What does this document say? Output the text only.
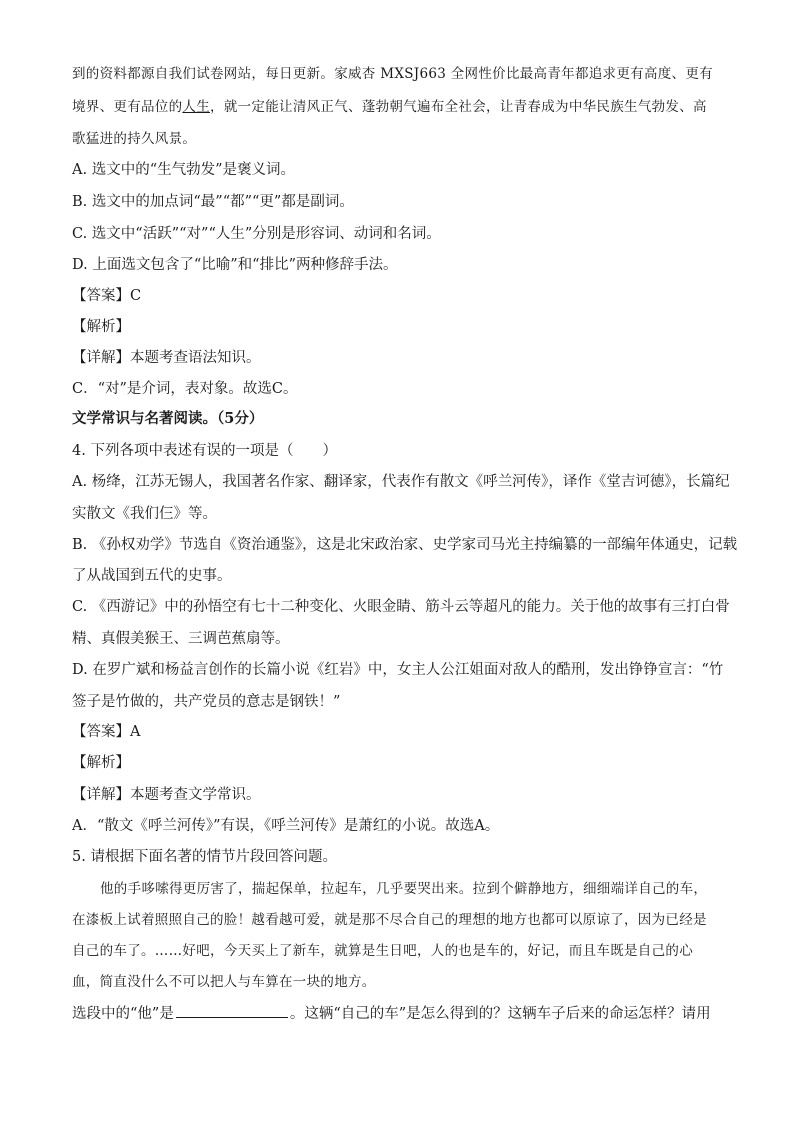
到的资料都源自我们试卷网站，每日更新。家威杏 MXSJ663 全网性价比最高青年都追求更有高度、更有
境界、更有品位的人生，就一定能让清风正气、蓬勃朝气遍布全社会，让青春成为中华民族生气勃发、高
歌猛进的持久风景。
A. 选文中的“生气勃发”是褒义词。
B. 选文中的加点词“最”“都”“更”都是副词。
C. 选文中“活跃”“对”“人生”分别是形容词、动词和名词。
D. 上面选文包含了“比喻”和“排比”两种修辞手法。
【答案】C
【解析】
【详解】本题考查语法知识。
C．“对”是介词，表对象。故选C。
文学常识与名著阅读。（5分）
4. 下列各项中表述有误的一项是（　　）
A. 杨绛，江苏无锡人，我国著名作家、翻译家，代表作有散文《呼兰河传》，译作《堂吉诃德》，长篇纪
实散文《我们仨》等。
B. 《孙权劝学》节选自《资治通鉴》，这是北宋政治家、史学家司马光主持编纂的一部编年体通史，记载
了从战国到五代的史事。
C. 《西游记》中的孙悟空有七十二种变化、火眼金睛、筋斗云等超凡的能力。关于他的故事有三打白骨
精、真假美猴王、三调芭蕉扇等。
D. 在罗广斌和杨益言创作的长篇小说《红岩》中，女主人公江姐面对敌人的酷刑，发出铮铮宣言：“竹
签子是竹做的，共产党员的意志是钢铁！”
【答案】A
【解析】
【详解】本题考查文学常识。
A．“散文《呼兰河传》”有误，《呼兰河传》是萧红的小说。故选A。
5. 请根据下面名著的情节片段回答问题。
他的手哆嗦得更厉害了，揣起保单，拉起车，几乎要哭出来。拉到个僻静地方，细细端详自己的车，
在漆板上试着照照自己的脸！越看越可爱，就是那不尽合自己的理想的地方也都可以原谅了，因为已经是
自己的车了。……好吧，今天买上了新车，就算是生日吧，人的也是车的，好记，而且车既是自己的心
血，简直没什么不可以把人与车算在一块的地方。
选段中的“他”是	。这辆“自己的车”是怎么得到的？这辆车子后来的命运怎样？请用
